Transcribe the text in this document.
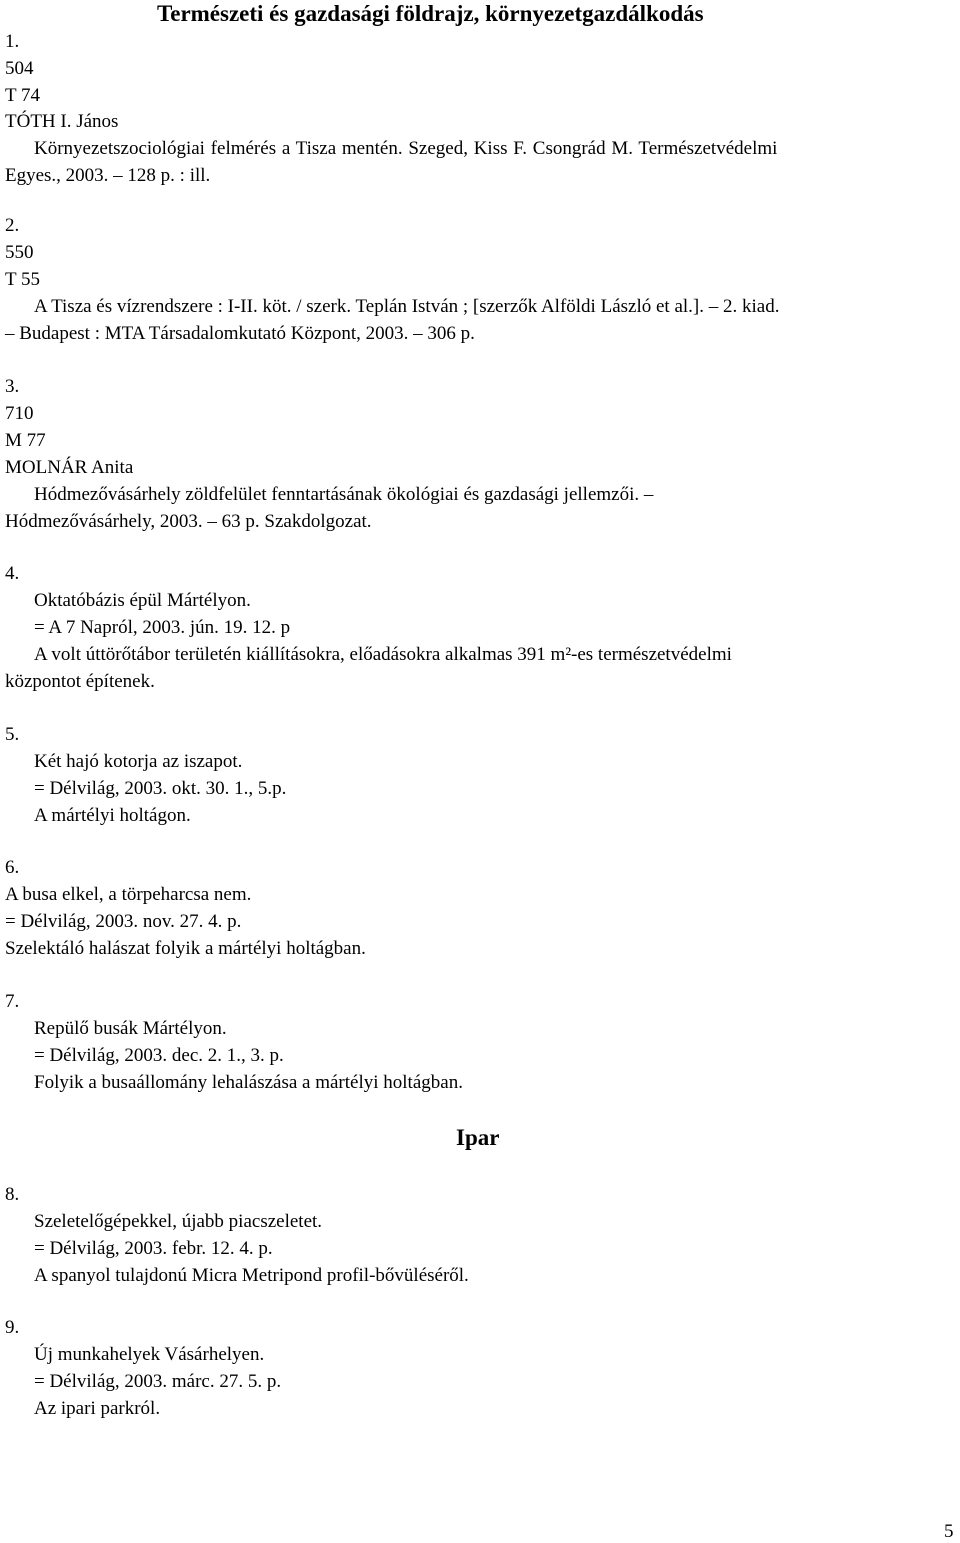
Természeti és gazdasági földrajz, környezetgazdálkodás
1.
504
T 74
TÓTH I. János
Környezetszociológiai felmérés a Tisza mentén. Szeged, Kiss F. Csongrád M. Természetvédelmi
Egyes., 2003. – 128 p. : ill.
2.
550
T 55
A Tisza és vízrendszere : I-II. köt. / szerk. Teplán István ; [szerzők Alföldi László et al.]. – 2. kiad.
– Budapest : MTA Társadalomkutató Központ, 2003. – 306 p.
3.
710
M 77
MOLNÁR Anita
Hódmezővásárhely zöldfelület fenntartásának ökológiai és gazdasági jellemzői. –
Hódmezővásárhely, 2003. – 63 p. Szakdolgozat.
4.
Oktatóbázis épül Mártélyon.
= A 7 Napról, 2003. jún. 19. 12. p
A volt úttörőtábor területén kiállításokra, előadásokra alkalmas 391 m²-es természetvédelmi
központot építenek.
5.
Két hajó kotorja az iszapot.
= Délvilág, 2003. okt. 30. 1., 5.p.
A mártélyi holtágon.
6.
A busa elkel, a törpeharcsa nem.
= Délvilág, 2003. nov. 27. 4. p.
Szelektáló halászat folyik a mártélyi holtágban.
7.
Repülő busák Mártélyon.
= Délvilág, 2003. dec. 2. 1., 3. p.
Folyik a busaállomány lehalászása a mártélyi holtágban.
Ipar
8.
Szeletelőgépekkel, újabb piacszeletet.
= Délvilág, 2003. febr. 12. 4. p.
A spanyol tulajdonú Micra Metripond profil-bővüléséről.
9.
Új munkahelyek Vásárhelyen.
= Délvilág, 2003. márc. 27. 5. p.
Az ipari parkról.
5
